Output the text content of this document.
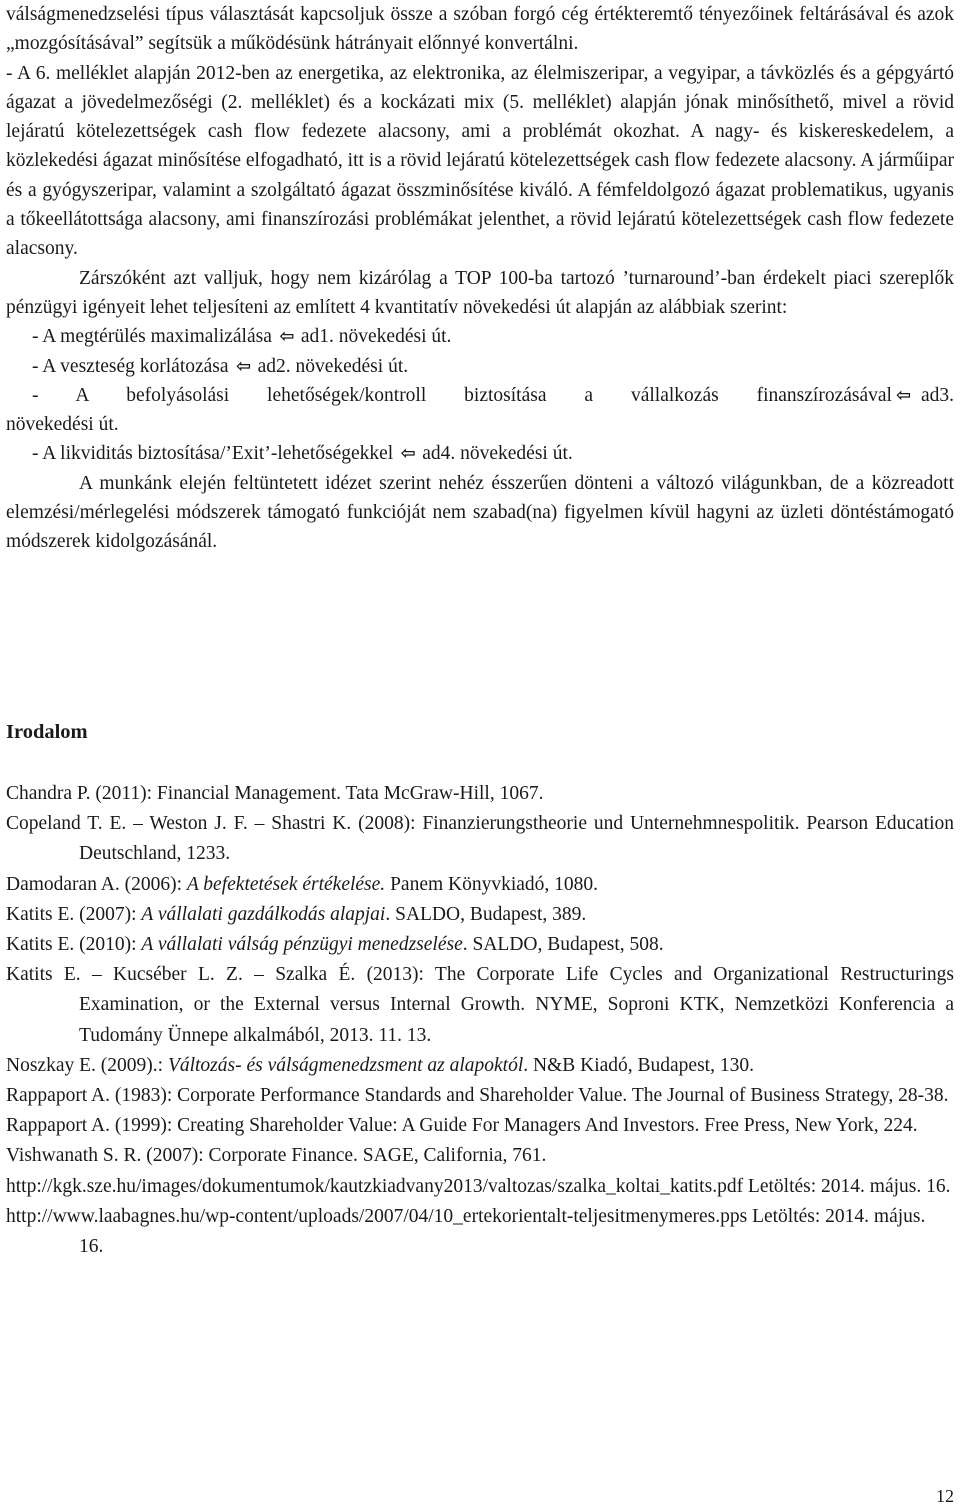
válságmenedzselési típus választását kapcsoljuk össze a szóban forgó cég értékteremtő tényezőinek feltárásával és azok „mozgósításával” segítsük a működésünk hátrányait előnnyé konvertálni.

- A 6. melléklet alapján 2012-ben az energetika, az elektronika, az élelmiszeripar, a vegyipar, a távközlés és a gépgyártó ágazat a jövedelmezőségi (2. melléklet) és a kockázati mix (5. melléklet) alapján jónak minősíthető, mivel a rövid lejáratú kötelezettségek cash flow fedezete alacsony, ami a problémát okozhat. A nagy- és kiskereskedelem, a közlekedési ágazat minősítése elfogadható, itt is a rövid lejáratú kötelezettségek cash flow fedezete alacsony. A járműipar és a gyógyszeripar, valamint a szolgáltató ágazat összminősítése kiváló. A fémfeldolgozó ágazat problematikus, ugyanis a tőkeellátottsága alacsony, ami finanszírozási problémákat jelenthet, a rövid lejáratú kötelezettségek cash flow fedezete alacsony.

Zárszóként azt valljuk, hogy nem kizárólag a TOP 100-ba tartozó ’turnaround’-ban érdekelt piaci szereplők pénzügyi igényeit lehet teljesíteni az említett 4 kvantitatív növekedési út alapján az alábbiak szerint:

- A megtérülés maximalizálása ⇦ ad1. növekedési út.

- A veszteség korlátozása ⇦ ad2. növekedési út.

- A befolyásolási lehetőségek/kontroll biztosítása a vállalkozás finanszírozásával ⇦ ad3.

növekedési út.

- A likviditás biztosítása/’Exit’-lehetőségekkel ⇦ ad4. növekedési út.

A munkánk elején feltüntetett idézet szerint nehéz ésszerűen dönteni a változó világunkban, de a közreadott elemzési/mérlegelési módszerek támogató funkcióját nem szabad(na) figyelmen kívül hagyni az üzleti döntéstámogató módszerek kidolgozásánál.

Irodalom
Chandra P. (2011): Financial Management. Tata McGraw-Hill, 1067.
Copeland T. E. – Weston J. F. – Shastri K. (2008): Finanzierungstheorie und Unternehmnespolitik. Pearson Education Deutschland, 1233.
Damodaran A. (2006): A befektetések értékelése. Panem Könyvkiadó, 1080.
Katits E. (2007): A vállalati gazdálkodás alapjai. SALDO, Budapest, 389.
Katits E. (2010): A vállalati válság pénzügyi menedzselése. SALDO, Budapest, 508.
Katits E. – Kucséber L. Z. – Szalka É. (2013): The Corporate Life Cycles and Organizational Restructurings Examination, or the External versus Internal Growth. NYME, Soproni KTK, Nemzetközi Konferencia a Tudomány Ünnepe alkalmából, 2013. 11. 13.
Noszkay E. (2009).: Változás- és válságmenedzsment az alapoktól. N&B Kiadó, Budapest, 130.
Rappaport A. (1983): Corporate Performance Standards and Shareholder Value. The Journal of Business Strategy, 28-38.
Rappaport A. (1999): Creating Shareholder Value: A Guide For Managers And Investors. Free Press, New York, 224.
Vishwanath S. R. (2007): Corporate Finance. SAGE, California, 761.
http://kgk.sze.hu/images/dokumentumok/kautzkiadvany2013/valtozas/szalka_koltai_katits.pdf Letöltés: 2014. május. 16.
http://www.laabagnes.hu/wp-content/uploads/2007/04/10_ertekorientalt-teljesitmenymeres.pps Letöltés: 2014. május. 16.
12
